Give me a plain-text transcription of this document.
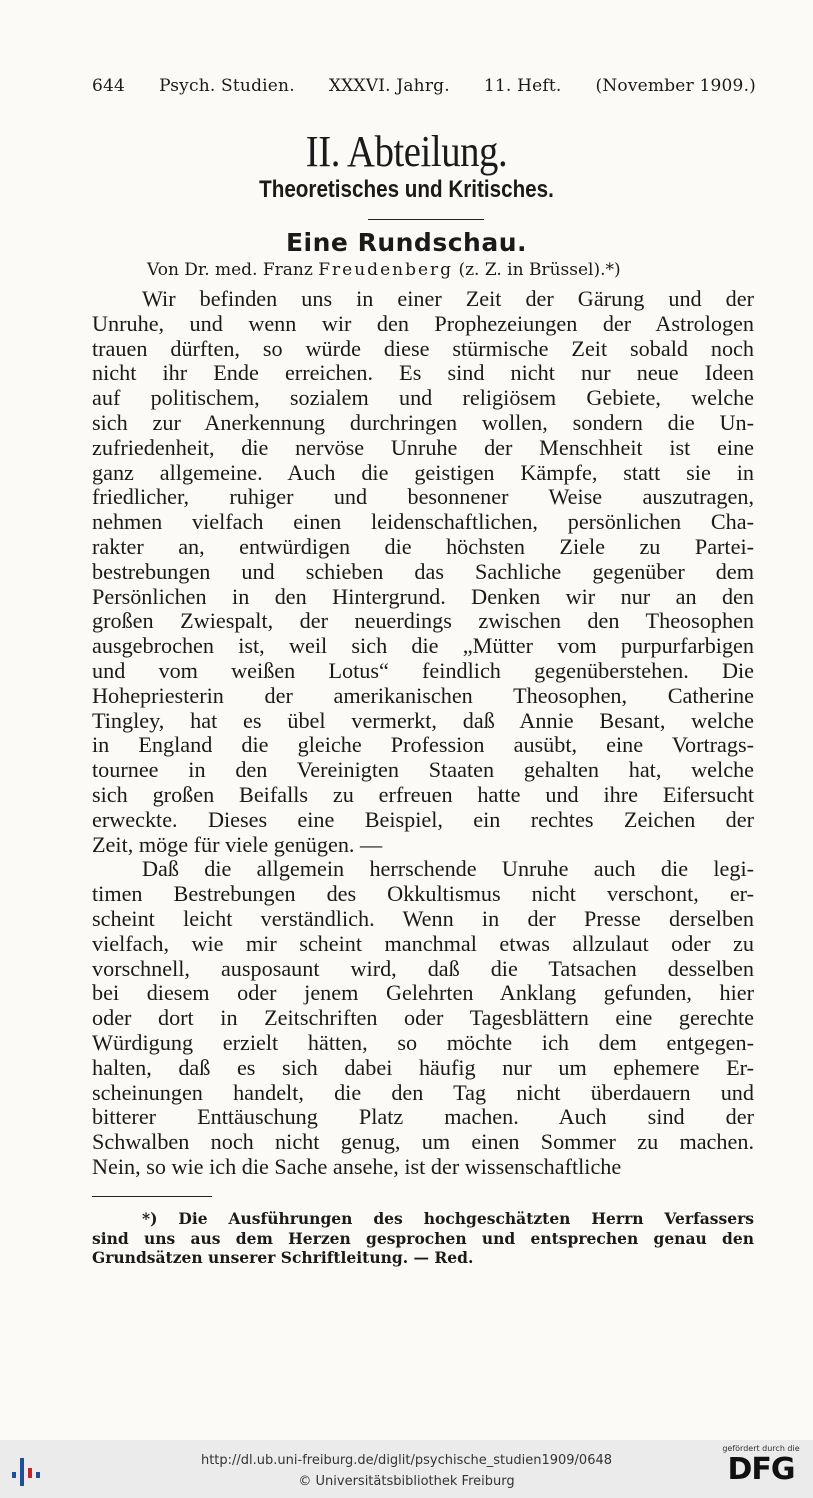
644 Psych. Studien. XXXVI. Jahrg. 11. Heft. (November 1909.)
II. Abteilung.
Theoretisches und Kritisches.
Eine Rundschau.
Von Dr. med. Franz Freudenberg (z. Z. in Brüssel).*)
Wir befinden uns in einer Zeit der Gärung und der
Unruhe, und wenn wir den Prophezeiungen der Astrologen
trauen dürften, so würde diese stürmische Zeit sobald noch
nicht ihr Ende erreichen. Es sind nicht nur neue Ideen
auf politischem, sozialem und religiösem Gebiete, welche
sich zur Anerkennung durchringen wollen, sondern die Un-
zufriedenheit, die nervöse Unruhe der Menschheit ist eine
ganz allgemeine. Auch die geistigen Kämpfe, statt sie in
friedlicher, ruhiger und besonnener Weise auszutragen,
nehmen vielfach einen leidenschaftlichen, persönlichen Cha-
rakter an, entwürdigen die höchsten Ziele zu Partei-
bestrebungen und schieben das Sachliche gegenüber dem
Persönlichen in den Hintergrund. Denken wir nur an den
großen Zwiespalt, der neuerdings zwischen den Theosophen
ausgebrochen ist, weil sich die „Mütter vom purpurfarbigen
und vom weißen Lotus“ feindlich gegenüberstehen. Die
Hohepriesterin der amerikanischen Theosophen, Catherine
Tingley, hat es übel vermerkt, daß Annie Besant, welche
in England die gleiche Profession ausübt, eine Vortrags-
tournee in den Vereinigten Staaten gehalten hat, welche
sich großen Beifalls zu erfreuen hatte und ihre Eifersucht
erweckte. Dieses eine Beispiel, ein rechtes Zeichen der
Zeit, möge für viele genügen. —
Daß die allgemein herrschende Unruhe auch die legi-
timen Bestrebungen des Okkultismus nicht verschont, er-
scheint leicht verständlich. Wenn in der Presse derselben
vielfach, wie mir scheint manchmal etwas allzulaut oder zu
vorschnell, ausposaunt wird, daß die Tatsachen desselben
bei diesem oder jenem Gelehrten Anklang gefunden, hier
oder dort in Zeitschriften oder Tagesblättern eine gerechte
Würdigung erzielt hätten, so möchte ich dem entgegen-
halten, daß es sich dabei häufig nur um ephemere Er-
scheinungen handelt, die den Tag nicht überdauern und
bitterer Enttäuschung Platz machen. Auch sind der
Schwalben noch nicht genug, um einen Sommer zu machen.
Nein, so wie ich die Sache ansehe, ist der wissenschaftliche
*) Die Ausführungen des hochgeschätzten Herrn Verfassers
sind uns aus dem Herzen gesprochen und entsprechen genau den
Grundsätzen unserer Schriftleitung. — Red.
http://dl.ub.uni-freiburg.de/diglit/psychische_studien1909/0648
© Universitätsbibliothek Freiburg
gefördert durch die
DFG
